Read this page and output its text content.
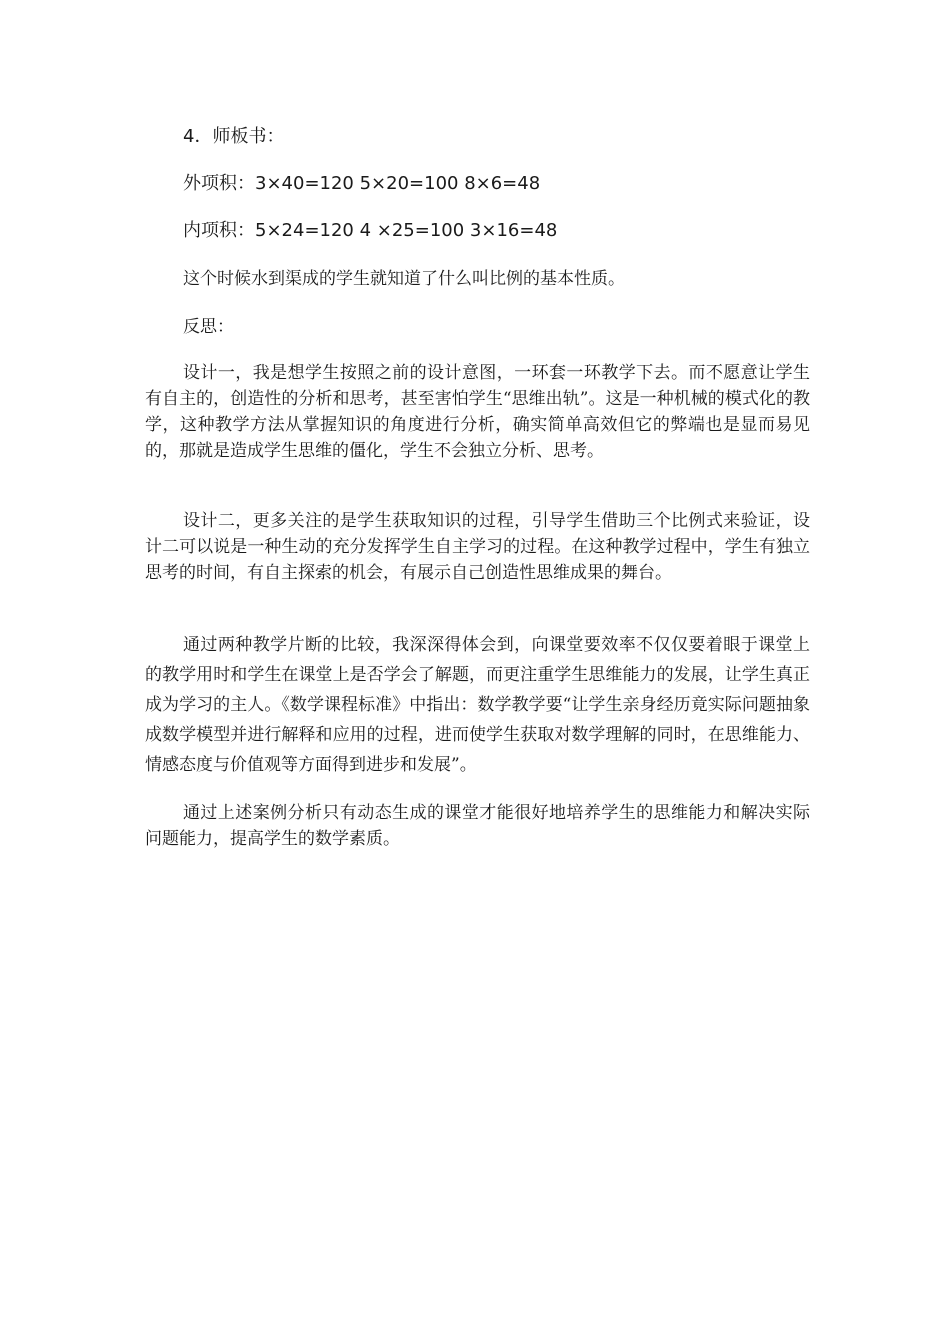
4．师板书：

外项积：3×40=120 5×20=100 8×6=48

内项积：5×24=120 4 ×25=100 3×16=48

这个时候水到渠成的学生就知道了什么叫比例的基本性质。

反思：

设计一，我是想学生按照之前的设计意图，一环套一环教学下去。而不愿意让学生有自主的，创造性的分析和思考，甚至害怕学生“思维出轨”。这是一种机械的模式化的教学，这种教学方法从掌握知识的角度进行分析，确实简单高效但它的弊端也是显而易见的，那就是造成学生思维的僵化，学生不会独立分析、思考。

设计二，更多关注的是学生获取知识的过程，引导学生借助三个比例式来验证，设计二可以说是一种生动的充分发挥学生自主学习的过程。在这种教学过程中，学生有独立思考的时间，有自主探索的机会，有展示自己创造性思维成果的舞台。

通过两种教学片断的比较，我深深得体会到，向课堂要效率不仅仅要着眼于课堂上的教学用时和学生在课堂上是否学会了解题，而更注重学生思维能力的发展，让学生真正成为学习的主人。《数学课程标准》中指出：数学教学要“让学生亲身经历竟实际问题抽象成数学模型并进行解释和应用的过程，进而使学生获取对数学理解的同时，在思维能力、情感态度与价值观等方面得到进步和发展”。

通过上述案例分析只有动态生成的课堂才能很好地培养学生的思维能力和解决实际问题能力，提高学生的数学素质。
